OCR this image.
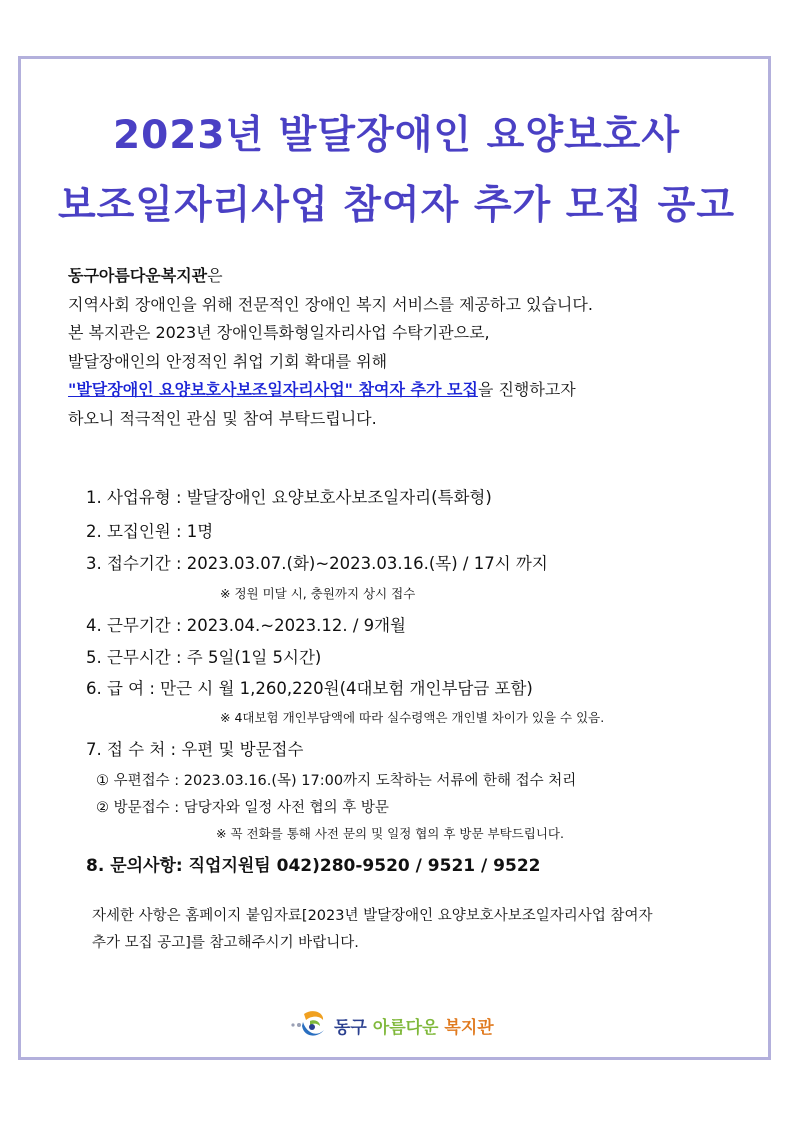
2023년 발달장애인 요양보호사
보조일자리사업 참여자 추가 모집 공고
동구아름다운복지관은
지역사회 장애인을 위해 전문적인 장애인 복지 서비스를 제공하고 있습니다.
본 복지관은 2023년 장애인특화형일자리사업 수탁기관으로,
발달장애인의 안정적인 취업 기회 확대를 위해
"발달장애인 요양보호사보조일자리사업" 참여자 추가 모집을 진행하고자
하오니 적극적인 관심 및 참여 부탁드립니다.
1. 사업유형 : 발달장애인 요양보호사보조일자리(특화형)
2. 모집인원 : 1명
3. 접수기간 : 2023.03.07.(화)~2023.03.16.(목) / 17시 까지
※ 정원 미달 시, 충원까지 상시 접수
4. 근무기간 : 2023.04.~2023.12. / 9개월
5. 근무시간 : 주 5일(1일 5시간)
6. 급 여 : 만근 시 월 1,260,220원(4대보험 개인부담금 포함)
※ 4대보험 개인부담액에 따라 실수령액은 개인별 차이가 있을 수 있음.
7. 접 수 처 : 우편 및 방문접수
① 우편접수 : 2023.03.16.(목) 17:00까지 도착하는 서류에 한해 접수 처리
② 방문접수 : 담당자와 일정 사전 협의 후 방문
※ 꼭 전화를 통해 사전 문의 및 일정 협의 후 방문 부탁드립니다.
8. 문의사항: 직업지원팀 042)280-9520 / 9521 / 9522
자세한 사항은 홈페이지 붙임자료[2023년 발달장애인 요양보호사보조일자리사업 참여자
추가 모집 공고]를 참고해주시기 바랍니다.
동구 아름다운 복지관
